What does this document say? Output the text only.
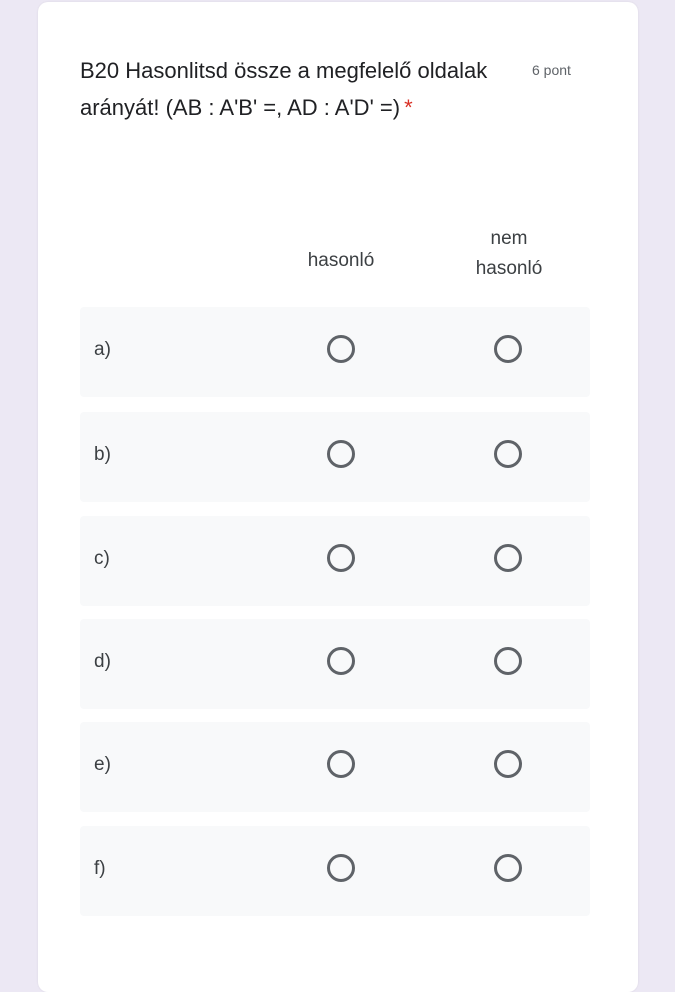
B20 Hasonlitsd össze a megfelelő oldalak arányát! (AB : A'B' =, AD : A'D' =) *
6 pont
hasonló
nem
hasonló
a)
b)
c)
d)
e)
f)
